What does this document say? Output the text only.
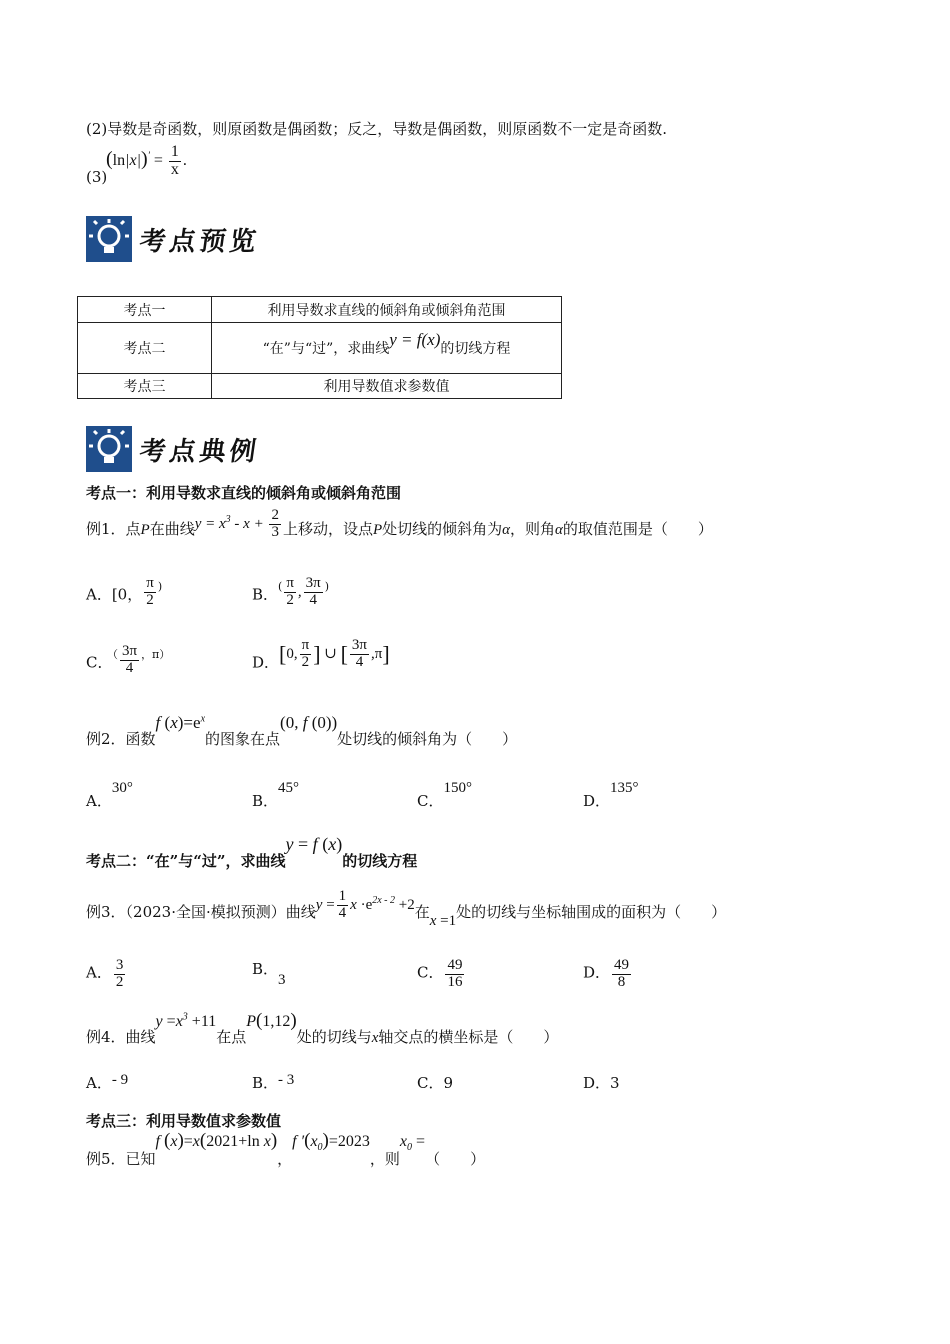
(2)导数是奇函数，则原函数是偶函数；反之，导数是偶函数，则原函数不一定是奇函数.
(3)
$(\ln|x|)' = \frac{1}{x}$ .
考点预览
考点一	利用导数求直线的倾斜角或倾斜角范围
考点二	“在”与“过”，求曲线y = f(x)的切线方程
考点三	利用导数值求参数值
考点典例
考点一：利用导数求直线的倾斜角或倾斜角范围
例1．点P在曲线$y = x^3 - x + \frac{2}{3}$ 上移动，设点P处切线的倾斜角为α，则角α的取值范围是（　　）
A．[0， $\frac{\pi}{2} ^)$	B．$^( \frac{\pi}{2}$ , $\frac{3\pi}{4} ^)$
C．$^( \frac{3\pi}{4} ^{,\pi)}$	D．[0, $\frac{\pi}{2}$ ] ∪ [ $\frac{3\pi}{4} ,\pi$]
例2．函数f $(x)=e^x$的图象在点(0, f (0))处切线的倾斜角为（　　）
A．30°
B．45°
C．150°
D．135°
考点二：“在”与“过”，求曲线y = f (x)的切线方程
例3．（2023·全国·模拟预测）曲线$y = \frac{1}{4}$ $x \cdot e^{2x - 2} +2$在x =1处的切线与坐标轴围成的面积为（　　）
A． $\frac{3}{2}$	B．3	C． $\frac{49}{16}$	D． $\frac{49}{8}$
例4．曲线$y =x^3 +11$在点P(1,12)处的切线与x轴交点的横坐标是（　　）
A．- 9	B．- 3	C．9	D．3
考点三：利用导数值求参数值
例5．已知f (x)=x(2021+ln x)，f $'(x_0)=2023$，则$x_0$ =（　　）
